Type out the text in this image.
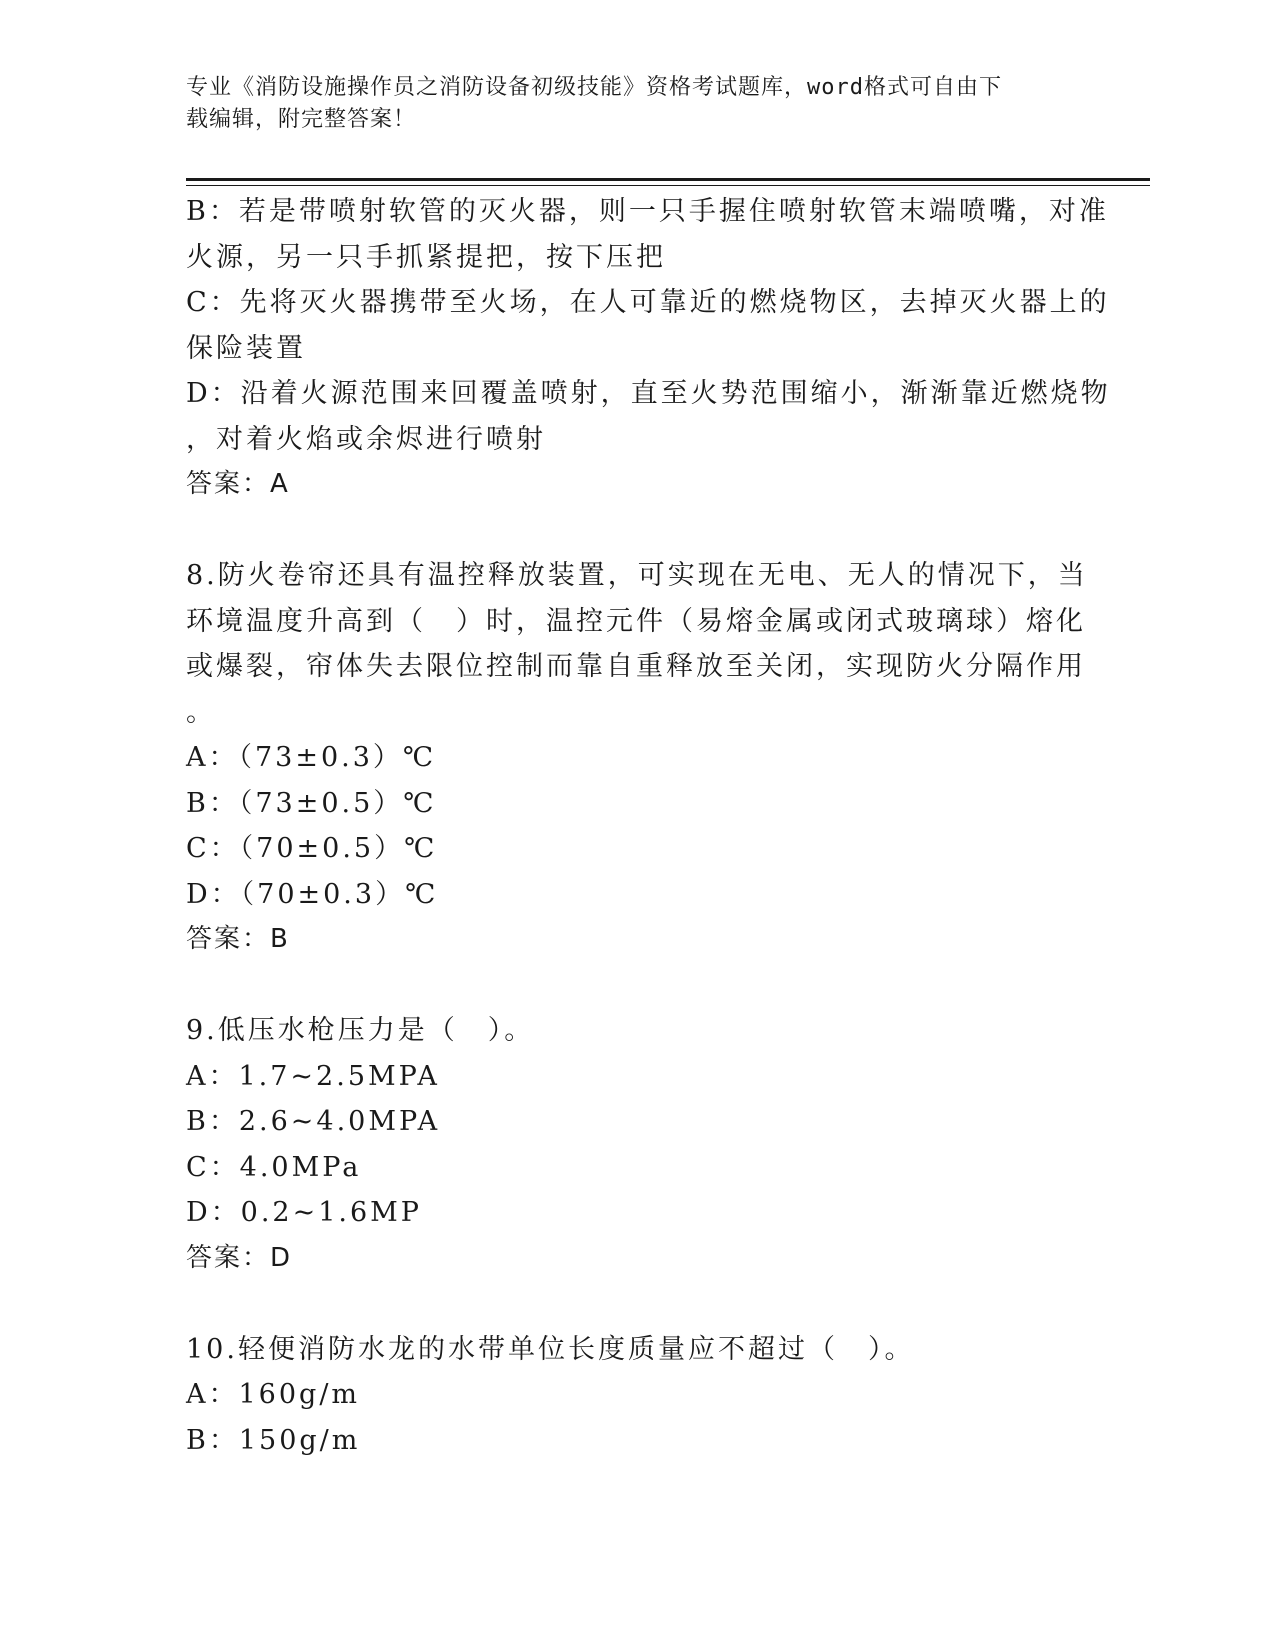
专业《消防设施操作员之消防设备初级技能》资格考试题库，word格式可自由下
载编辑，附完整答案！
B：若是带喷射软管的灭火器，则一只手握住喷射软管末端喷嘴，对准
火源，另一只手抓紧提把，按下压把
C：先将灭火器携带至火场，在人可靠近的燃烧物区，去掉灭火器上的
保险装置
D：沿着火源范围来回覆盖喷射，直至火势范围缩小，渐渐靠近燃烧物
，对着火焰或余烬进行喷射
答案：A
8.防火卷帘还具有温控释放装置，可实现在无电、无人的情况下，当
环境温度升高到（　）时，温控元件（易熔金属或闭式玻璃球）熔化
或爆裂，帘体失去限位控制而靠自重释放至关闭，实现防火分隔作用
。
A：（73±0.3）℃
B：（73±0.5）℃
C：（70±0.5）℃
D：（70±0.3）℃
答案：B
9.低压水枪压力是（　）。
A：1.7~2.5MPA
B：2.6~4.0MPA
C：4.0MPa
D：0.2~1.6MP
答案：D
10.轻便消防水龙的水带单位长度质量应不超过（　）。
A：160g/m
B：150g/m
